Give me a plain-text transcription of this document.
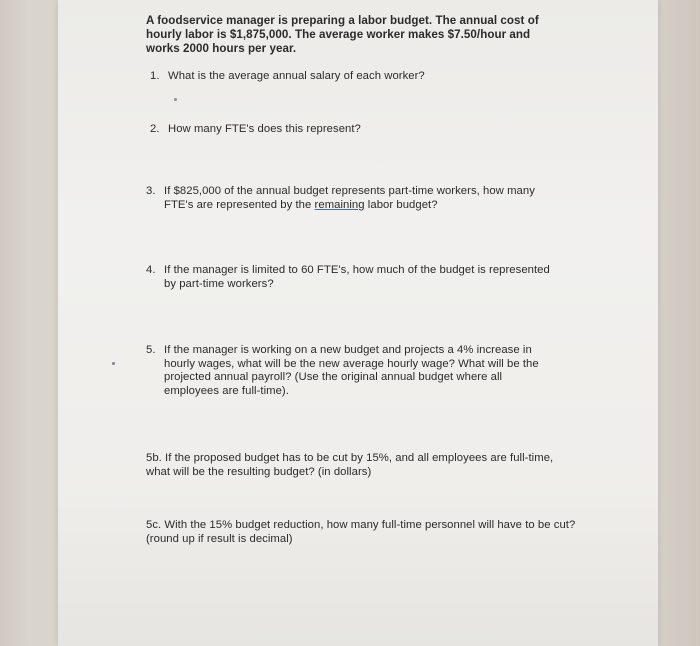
A foodservice manager is preparing a labor budget. The annual cost of hourly labor is $1,875,000. The average worker makes $7.50/hour and works 2000 hours per year.
1. What is the average annual salary of each worker?
2. How many FTE's does this represent?
3. If $825,000 of the annual budget represents part-time workers, how many FTE's are represented by the remaining labor budget?
4. If the manager is limited to 60 FTE's, how much of the budget is represented by part-time workers?
5. If the manager is working on a new budget and projects a 4% increase in hourly wages, what will be the new average hourly wage? What will be the projected annual payroll? (Use the original annual budget where all employees are full-time).
5b. If the proposed budget has to be cut by 15%, and all employees are full-time, what will be the resulting budget? (in dollars)
5c. With the 15% budget reduction, how many full-time personnel will have to be cut? (round up if result is decimal)
